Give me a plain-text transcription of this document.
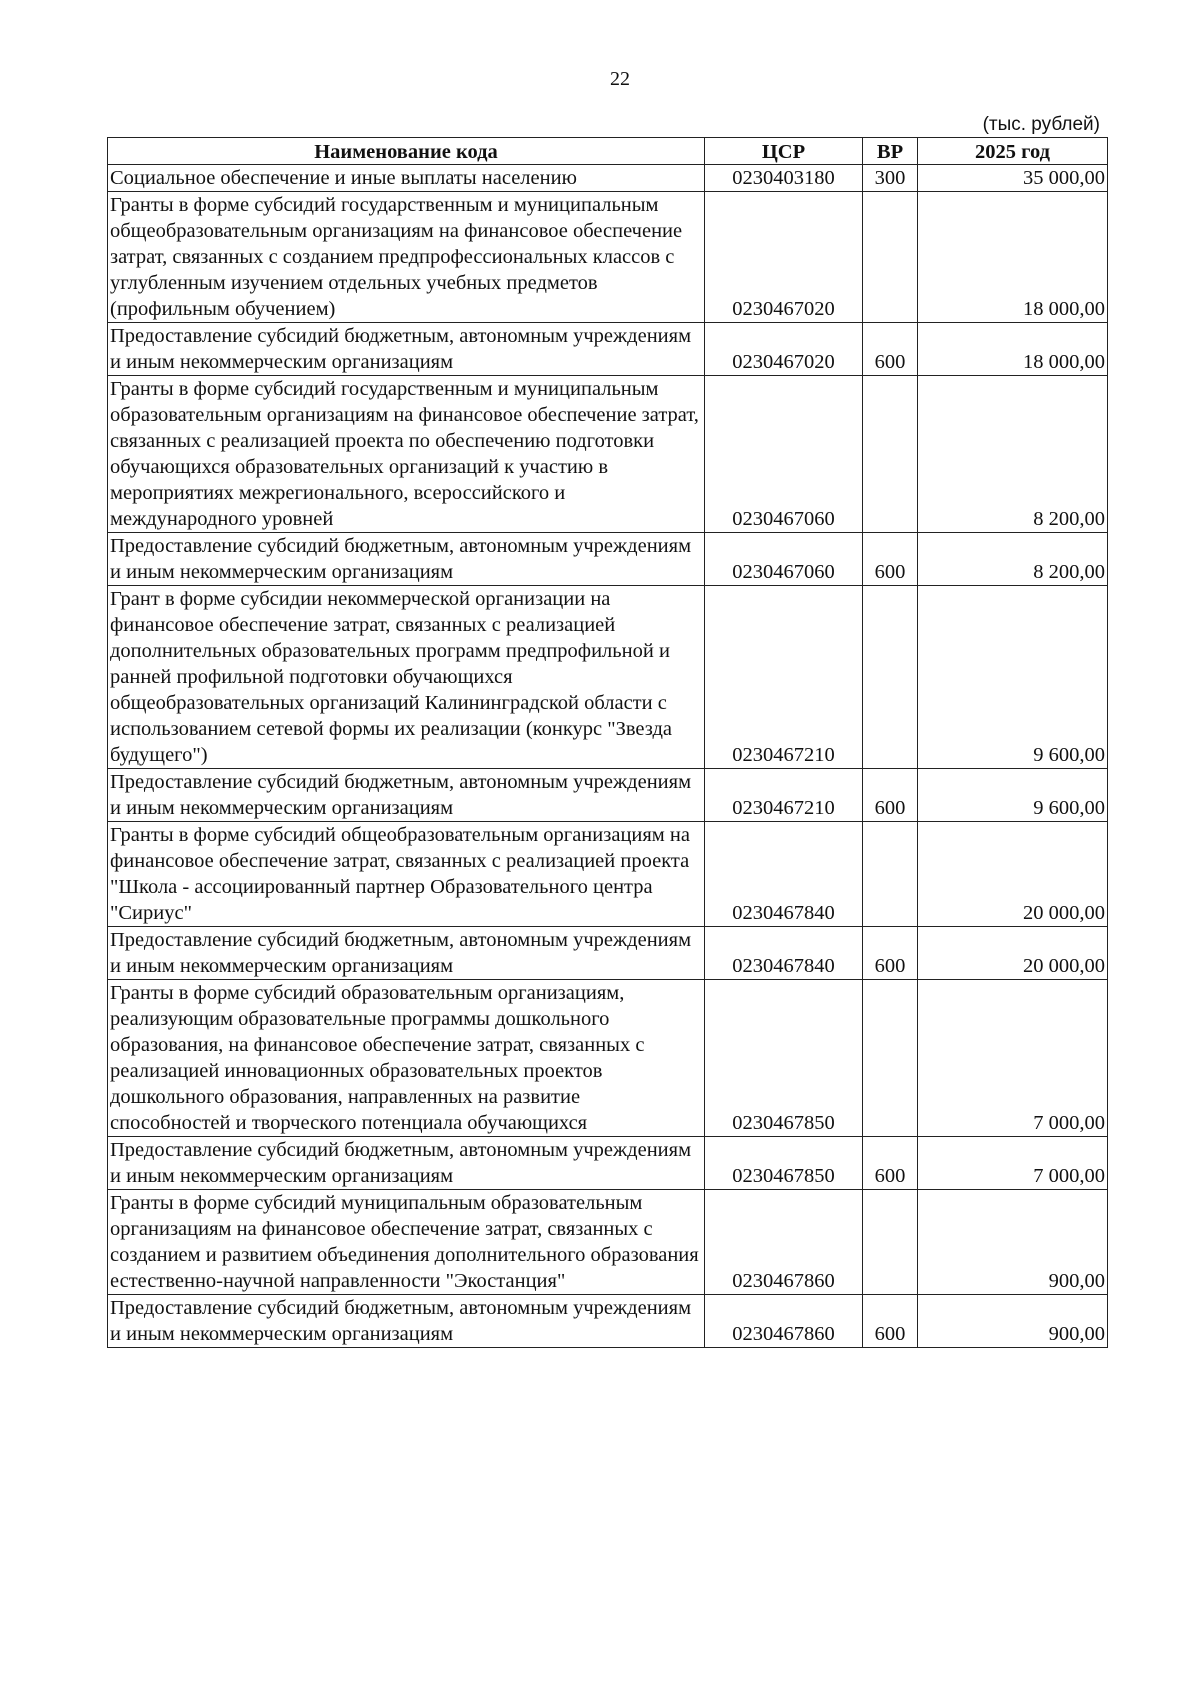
22
(тыс. рублей)
Наименование кода	ЦСР	ВР	2025 год
Социальное обеспечение и иные выплаты населению	0230403180	300	35 000,00
Гранты в форме субсидий государственным и муниципальным общеобразовательным организациям на финансовое обеспечение затрат, связанных с созданием предпрофессиональных классов с углубленным изучением отдельных учебных предметов (профильным обучением)	0230467020		18 000,00
Предоставление субсидий бюджетным, автономным учреждениям и иным некоммерческим организациям	0230467020	600	18 000,00
Гранты в форме субсидий государственным и муниципальным образовательным организациям на финансовое обеспечение затрат, связанных с реализацией проекта по обеспечению подготовки обучающихся образовательных организаций к участию в мероприятиях межрегионального, всероссийского и международного уровней	0230467060		8 200,00
Предоставление субсидий бюджетным, автономным учреждениям и иным некоммерческим организациям	0230467060	600	8 200,00
Грант в форме субсидии некоммерческой организации на финансовое обеспечение затрат, связанных с реализацией дополнительных образовательных программ предпрофильной и ранней профильной подготовки обучающихся общеобразовательных организаций Калининградской области с использованием сетевой формы их реализации (конкурс "Звезда будущего")	0230467210		9 600,00
Предоставление субсидий бюджетным, автономным учреждениям и иным некоммерческим организациям	0230467210	600	9 600,00
Гранты в форме субсидий общеобразовательным организациям на финансовое обеспечение затрат, связанных с реализацией проекта "Школа - ассоциированный партнер Образовательного центра "Сириус"	0230467840		20 000,00
Предоставление субсидий бюджетным, автономным учреждениям и иным некоммерческим организациям	0230467840	600	20 000,00
Гранты в форме субсидий образовательным организациям, реализующим образовательные программы дошкольного образования, на финансовое обеспечение затрат, связанных с реализацией инновационных образовательных проектов дошкольного образования, направленных на развитие способностей и творческого потенциала обучающихся	0230467850		7 000,00
Предоставление субсидий бюджетным, автономным учреждениям и иным некоммерческим организациям	0230467850	600	7 000,00
Гранты в форме субсидий муниципальным образовательным организациям на финансовое обеспечение затрат, связанных с созданием и развитием объединения дополнительного образования естественно-научной направленности "Экостанция"	0230467860		900,00
Предоставление субсидий бюджетным, автономным учреждениям и иным некоммерческим организациям	0230467860	600	900,00
